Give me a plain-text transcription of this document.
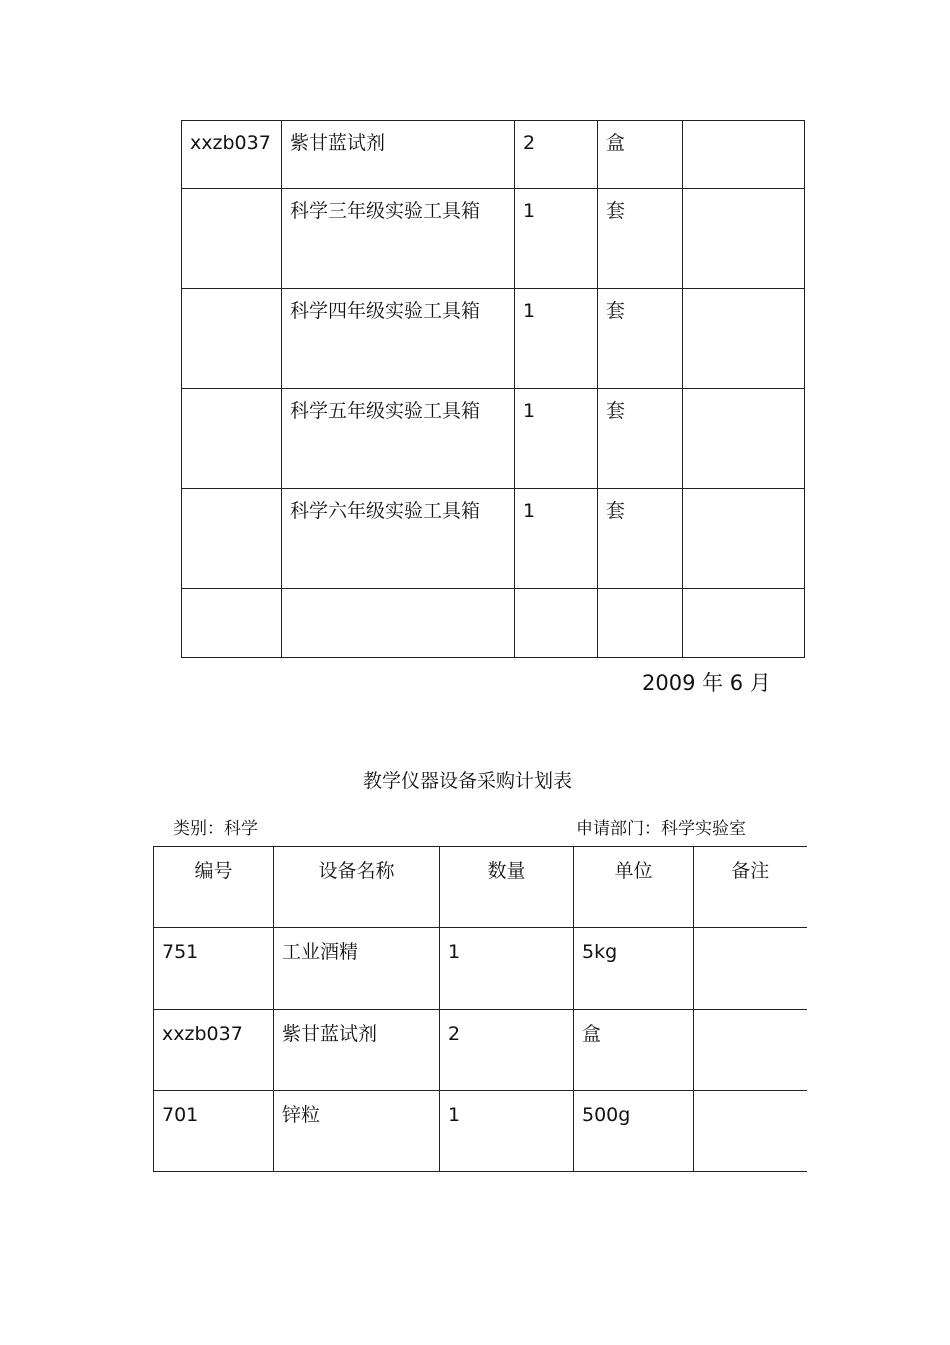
xxzb037	紫甘蓝试剂	2	盒	

	科学三年级实验工具箱	1	套	

	科学四年级实验工具箱	1	套	

	科学五年级实验工具箱	1	套	

	科学六年级实验工具箱	1	套	

2009 年 6 月
教学仪器设备采购计划表
类别：科学	申请部门：科学实验室
编号	设备名称	数量	单位	备注

751	工业酒精	1	5kg	

xxzb037	紫甘蓝试剂	2	盒	

701	锌粒	1	500g	
